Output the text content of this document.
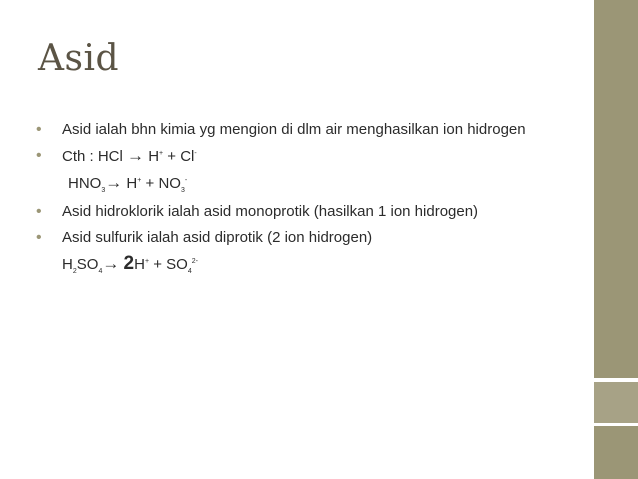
Asid
• Asid ialah bhn kimia yg mengion di dlm air menghasilkan ion hidrogen
• Cth : HCl → H+ + Cl-
$HNO_3\to H^+ + NO_3^-$
• Asid hidroklorik ialah asid monoprotik (hasilkan 1 ion hidrogen)
• Asid sulfurik ialah asid diprotik (2 ion hidrogen)
$H_2SO_4\to 2H^+ + SO_4^{2-}$
